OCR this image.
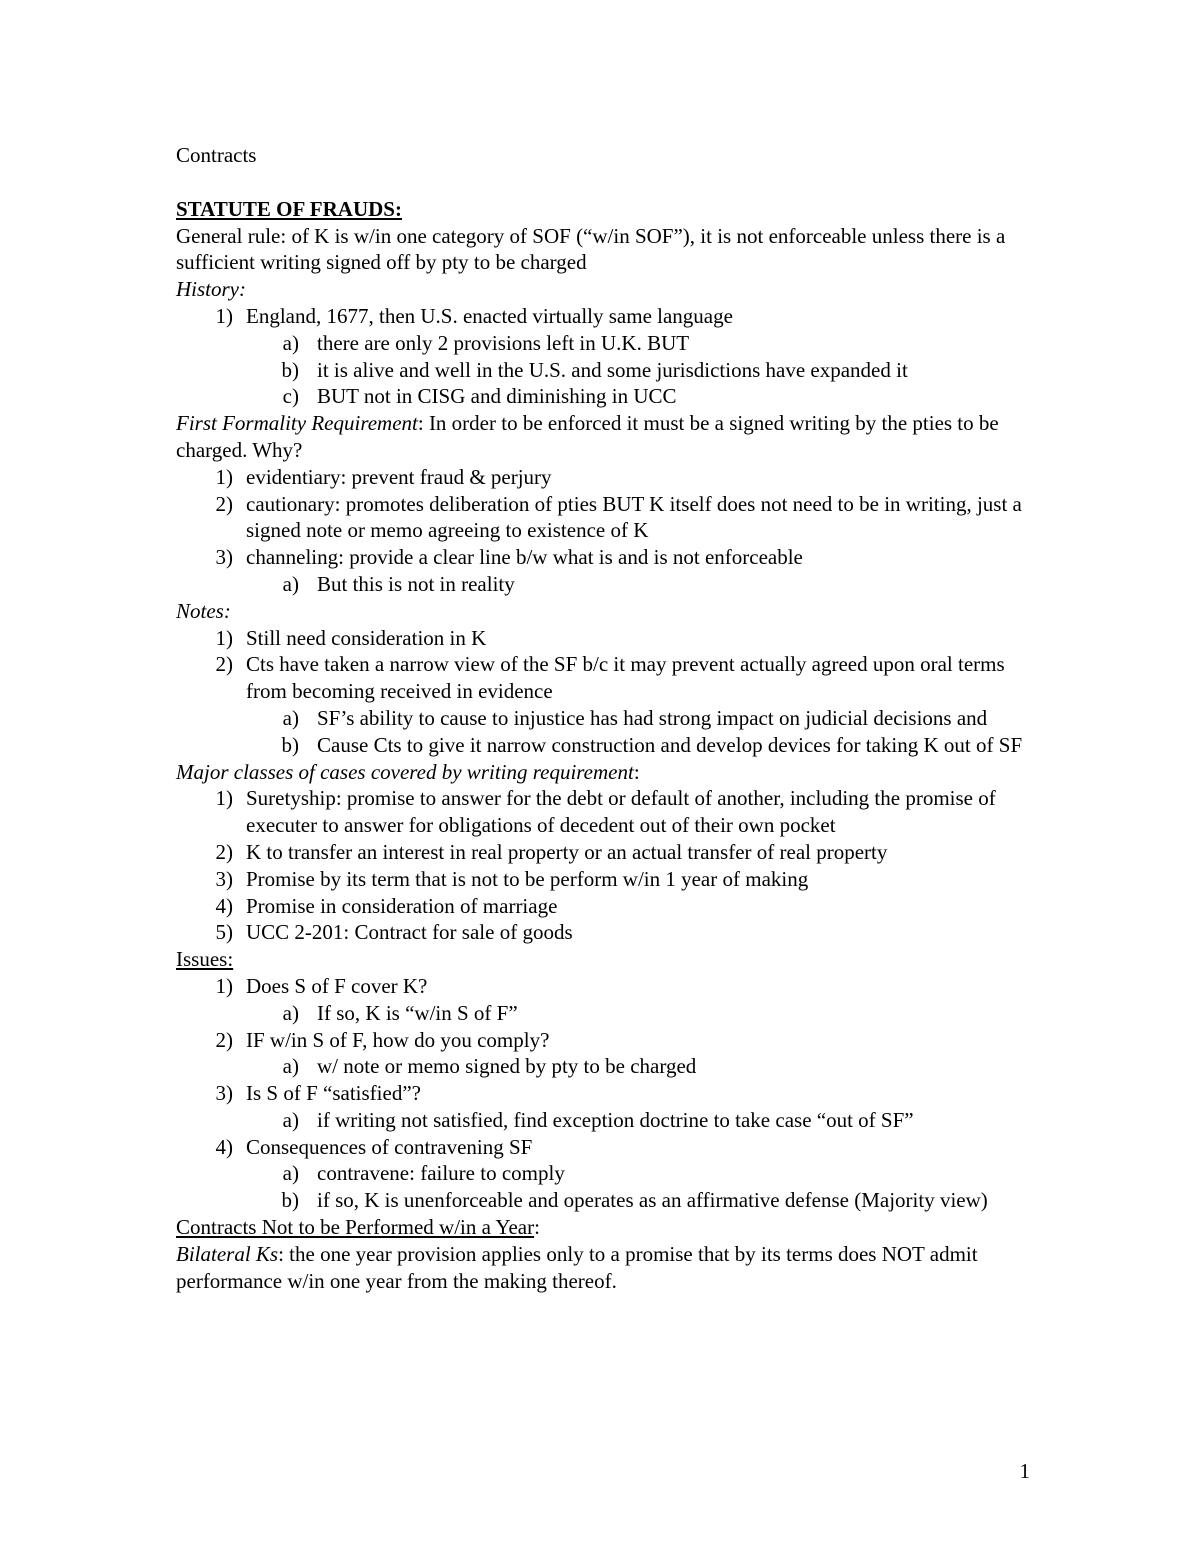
Contracts

STATUTE OF FRAUDS:

General rule: of K is w/in one category of SOF (“w/in SOF”), it is not enforceable unless there is a sufficient writing signed off by pty to be charged

History:

1) England, 1677, then U.S. enacted virtually same language
a) there are only 2 provisions left in U.K. BUT
b) it is alive and well in the U.S. and some jurisdictions have expanded it
c) BUT not in CISG and diminishing in UCC

First Formality Requirement: In order to be enforced it must be a signed writing by the pties to be charged. Why?

1) evidentiary: prevent fraud & perjury
2) cautionary: promotes deliberation of pties BUT K itself does not need to be in writing, just a signed note or memo agreeing to existence of K
3) channeling: provide a clear line b/w what is and is not enforceable
a) But this is not in reality

Notes:

1) Still need consideration in K
2) Cts have taken a narrow view of the SF b/c it may prevent actually agreed upon oral terms from becoming received in evidence
a) SF’s ability to cause to injustice has had strong impact on judicial decisions and
b) Cause Cts to give it narrow construction and develop devices for taking K out of SF

Major classes of cases covered by writing requirement:

1) Suretyship: promise to answer for the debt or default of another, including the promise of executer to answer for obligations of decedent out of their own pocket
2) K to transfer an interest in real property or an actual transfer of real property
3) Promise by its term that is not to be perform w/in 1 year of making
4) Promise in consideration of marriage
5) UCC 2-201: Contract for sale of goods

Issues:

1) Does S of F cover K?
a) If so, K is “w/in S of F”
2) IF w/in S of F, how do you comply?
a) w/ note or memo signed by pty to be charged
3) Is S of F “satisfied”?
a) if writing not satisfied, find exception doctrine to take case “out of SF”
4) Consequences of contravening SF
a) contravene: failure to comply
b) if so, K is unenforceable and operates as an affirmative defense (Majority view)

Contracts Not to be Performed w/in a Year:

Bilateral Ks: the one year provision applies only to a promise that by its terms does NOT admit performance w/in one year from the making thereof.

1
